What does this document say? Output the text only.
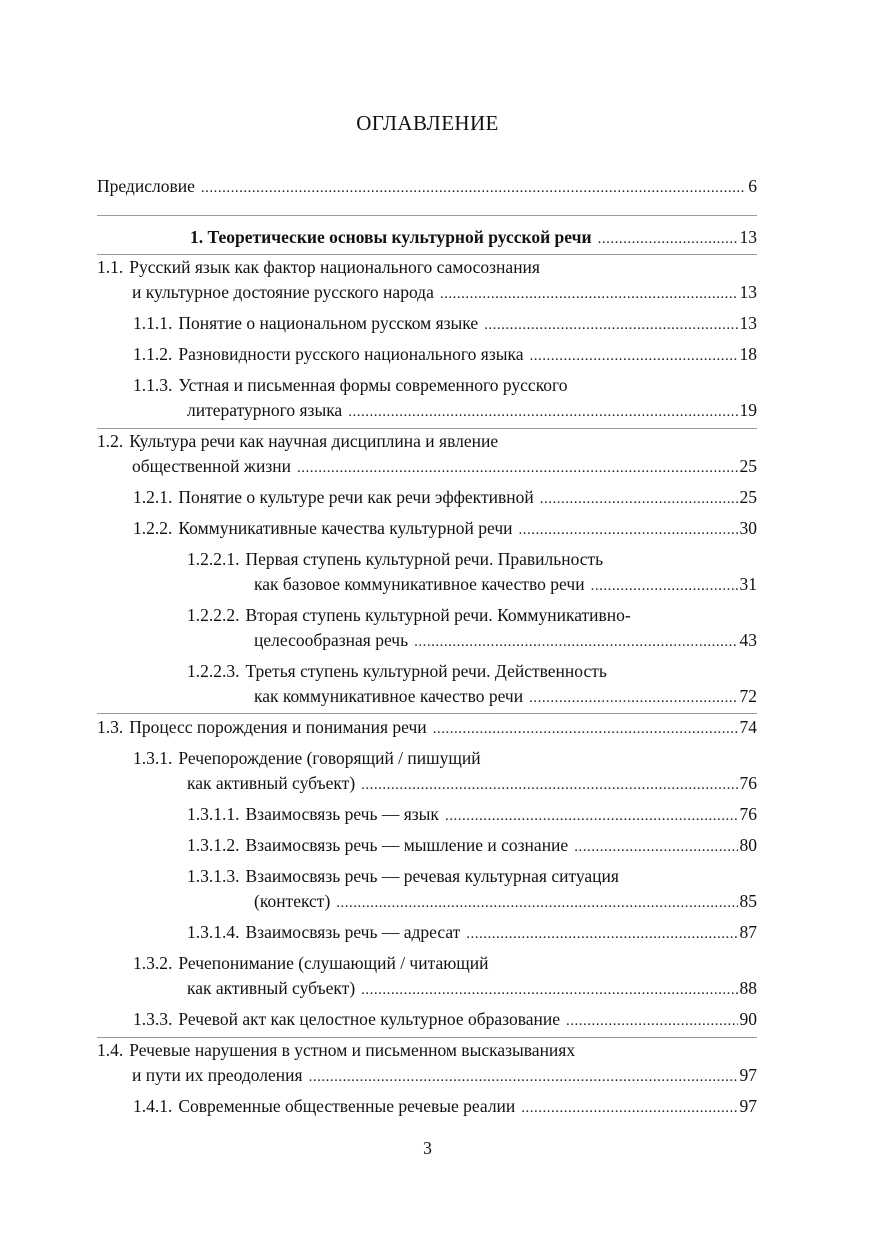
ОГЛАВЛЕНИЕ
Предисловие .....	6
1. Теоретические основы культурной русской речи .....	13
1.1. Русский язык как фактор национального самосознания
и культурное достояние русского народа .....	13
1.1.1. Понятие о национальном русском языке .....	13
1.1.2. Разновидности русского национального языка .....	18
1.1.3. Устная и письменная формы современного русского
литературного языка .....	19
1.2. Культура речи как научная дисциплина и явление
общественной жизни .....	25
1.2.1. Понятие о культуре речи как речи эффективной .....	25
1.2.2. Коммуникативные качества культурной речи .....	30
1.2.2.1. Первая ступень культурной речи. Правильность
как базовое коммуникативное качество речи .....	31
1.2.2.2. Вторая ступень культурной речи. Коммуникативно-
целесообразная речь .....	43
1.2.2.3. Третья ступень культурной речи. Действенность
как коммуникативное качество речи .....	72
1.3. Процесс порождения и понимания речи .....	74
1.3.1. Речепорождение (говорящий / пишущий
как активный субъект) .....	76
1.3.1.1. Взаимосвязь речь — язык .....	76
1.3.1.2. Взаимосвязь речь — мышление и сознание .....	80
1.3.1.3. Взаимосвязь речь — речевая культурная ситуация
(контекст) .....	85
1.3.1.4. Взаимосвязь речь — адресат .....	87
1.3.2. Речепонимание (слушающий / читающий
как активный субъект) .....	88
1.3.3. Речевой акт как целостное культурное образование .....	90
1.4. Речевые нарушения в устном и письменном высказываниях
и пути их преодоления .....	97
1.4.1. Современные общественные речевые реалии .....	97
3
